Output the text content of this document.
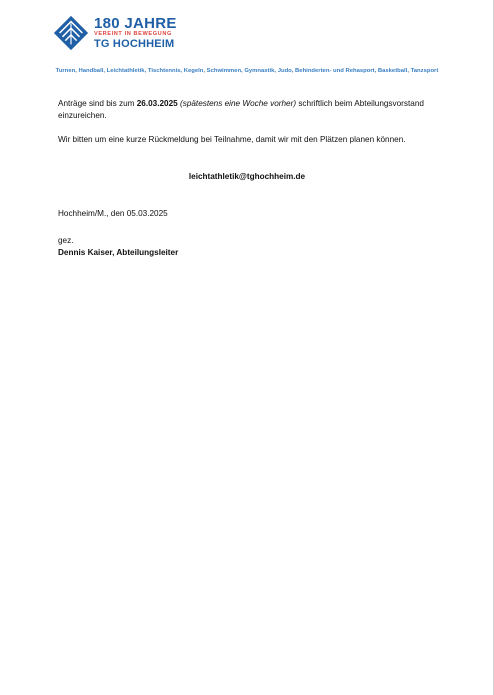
180 JAHRE
VEREINT IN BEWEGUNG
TG HOCHHEIM
Turnen, Handball, Leichtathletik, Tischtennis, Kegeln, Schwimmen, Gymnastik, Judo, Behinderten- und Rehasport, Basketball, Tanzsport
Anträge sind bis zum 26.03.2025 (spätestens eine Woche vorher) schriftlich beim Abteilungsvorstand einzureichen.
Wir bitten um eine kurze Rückmeldung bei Teilnahme, damit wir mit den Plätzen planen können.
leichtathletik@tghochheim.de
Hochheim/M., den 05.03.2025
gez.
Dennis Kaiser, Abteilungsleiter
